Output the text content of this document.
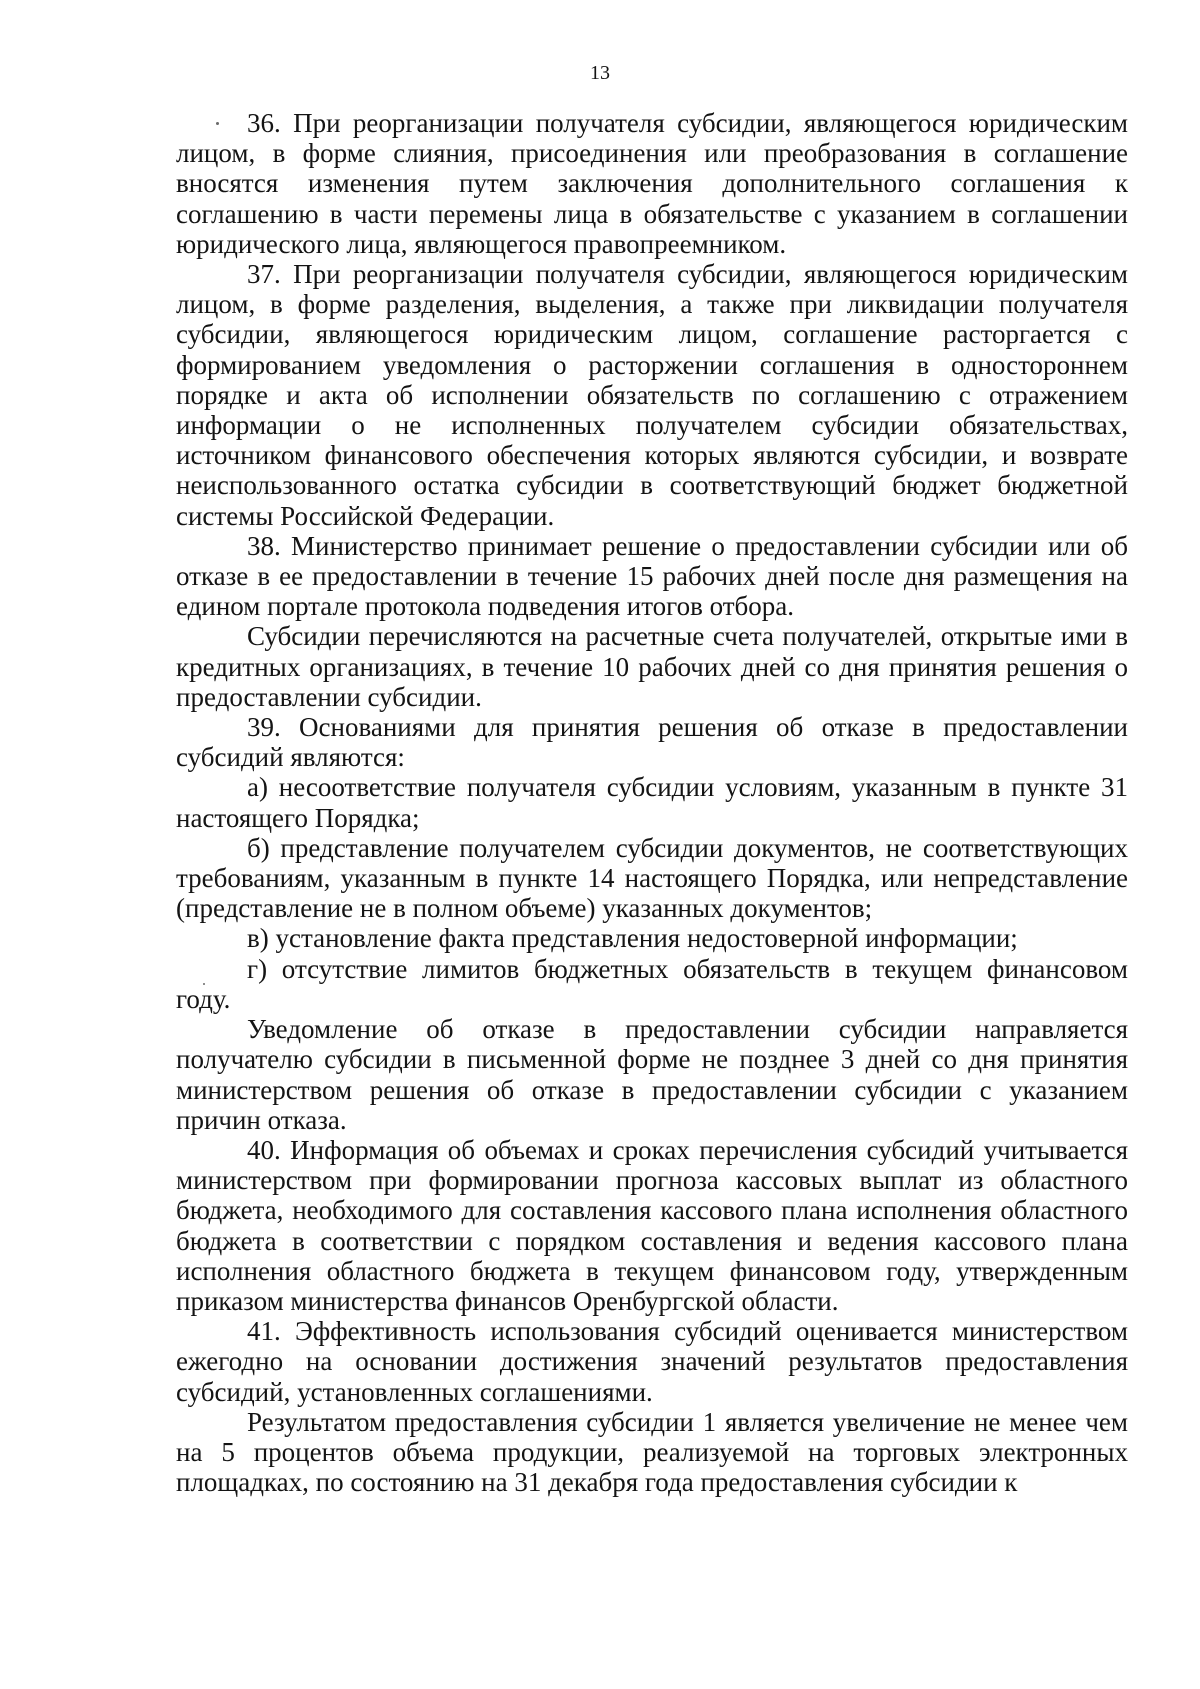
13

36. При реорганизации получателя субсидии, являющегося юридическим лицом, в форме слияния, присоединения или преобразования в соглашение вносятся изменения путем заключения дополнительного соглашения к соглашению в части перемены лица в обязательстве с указанием в соглашении юридического лица, являющегося правопреемником.

37. При реорганизации получателя субсидии, являющегося юридическим лицом, в форме разделения, выделения, а также при ликвидации получателя субсидии, являющегося юридическим лицом, соглашение расторгается с формированием уведомления о расторжении соглашения в одностороннем порядке и акта об исполнении обязательств по соглашению с отражением информации о не исполненных получателем субсидии обязательствах, источником финансового обеспечения которых являются субсидии, и возврате неиспользованного остатка субсидии в соответствующий бюджет бюджетной системы Российской Федерации.

38. Министерство принимает решение о предоставлении субсидии или об отказе в ее предоставлении в течение 15 рабочих дней после дня размещения на едином портале протокола подведения итогов отбора.

Субсидии перечисляются на расчетные счета получателей, открытые ими в кредитных организациях, в течение 10 рабочих дней со дня принятия решения о предоставлении субсидии.

39. Основаниями для принятия решения об отказе в предоставлении субсидий являются:

а) несоответствие получателя субсидии условиям, указанным в пункте 31 настоящего Порядка;

б) представление получателем субсидии документов, не соответствующих требованиям, указанным в пункте 14 настоящего Порядка, или непредставление (представление не в полном объеме) указанных документов;

в) установление факта представления недостоверной информации;

г) отсутствие лимитов бюджетных обязательств в текущем финансовом году.

Уведомление об отказе в предоставлении субсидии направляется получателю субсидии в письменной форме не позднее 3 дней со дня принятия министерством решения об отказе в предоставлении субсидии с указанием причин отказа.

40. Информация об объемах и сроках перечисления субсидий учитывается министерством при формировании прогноза кассовых выплат из областного бюджета, необходимого для составления кассового плана исполнения областного бюджета в соответствии с порядком составления и ведения кассового плана исполнения областного бюджета в текущем финансовом году, утвержденным приказом министерства финансов Оренбургской области.

41. Эффективность использования субсидий оценивается министерством ежегодно на основании достижения значений результатов предоставления субсидий, установленных соглашениями.

Результатом предоставления субсидии 1 является увеличение не менее чем на 5 процентов объема продукции, реализуемой на торговых электронных площадках, по состоянию на 31 декабря года предоставления субсидии к
